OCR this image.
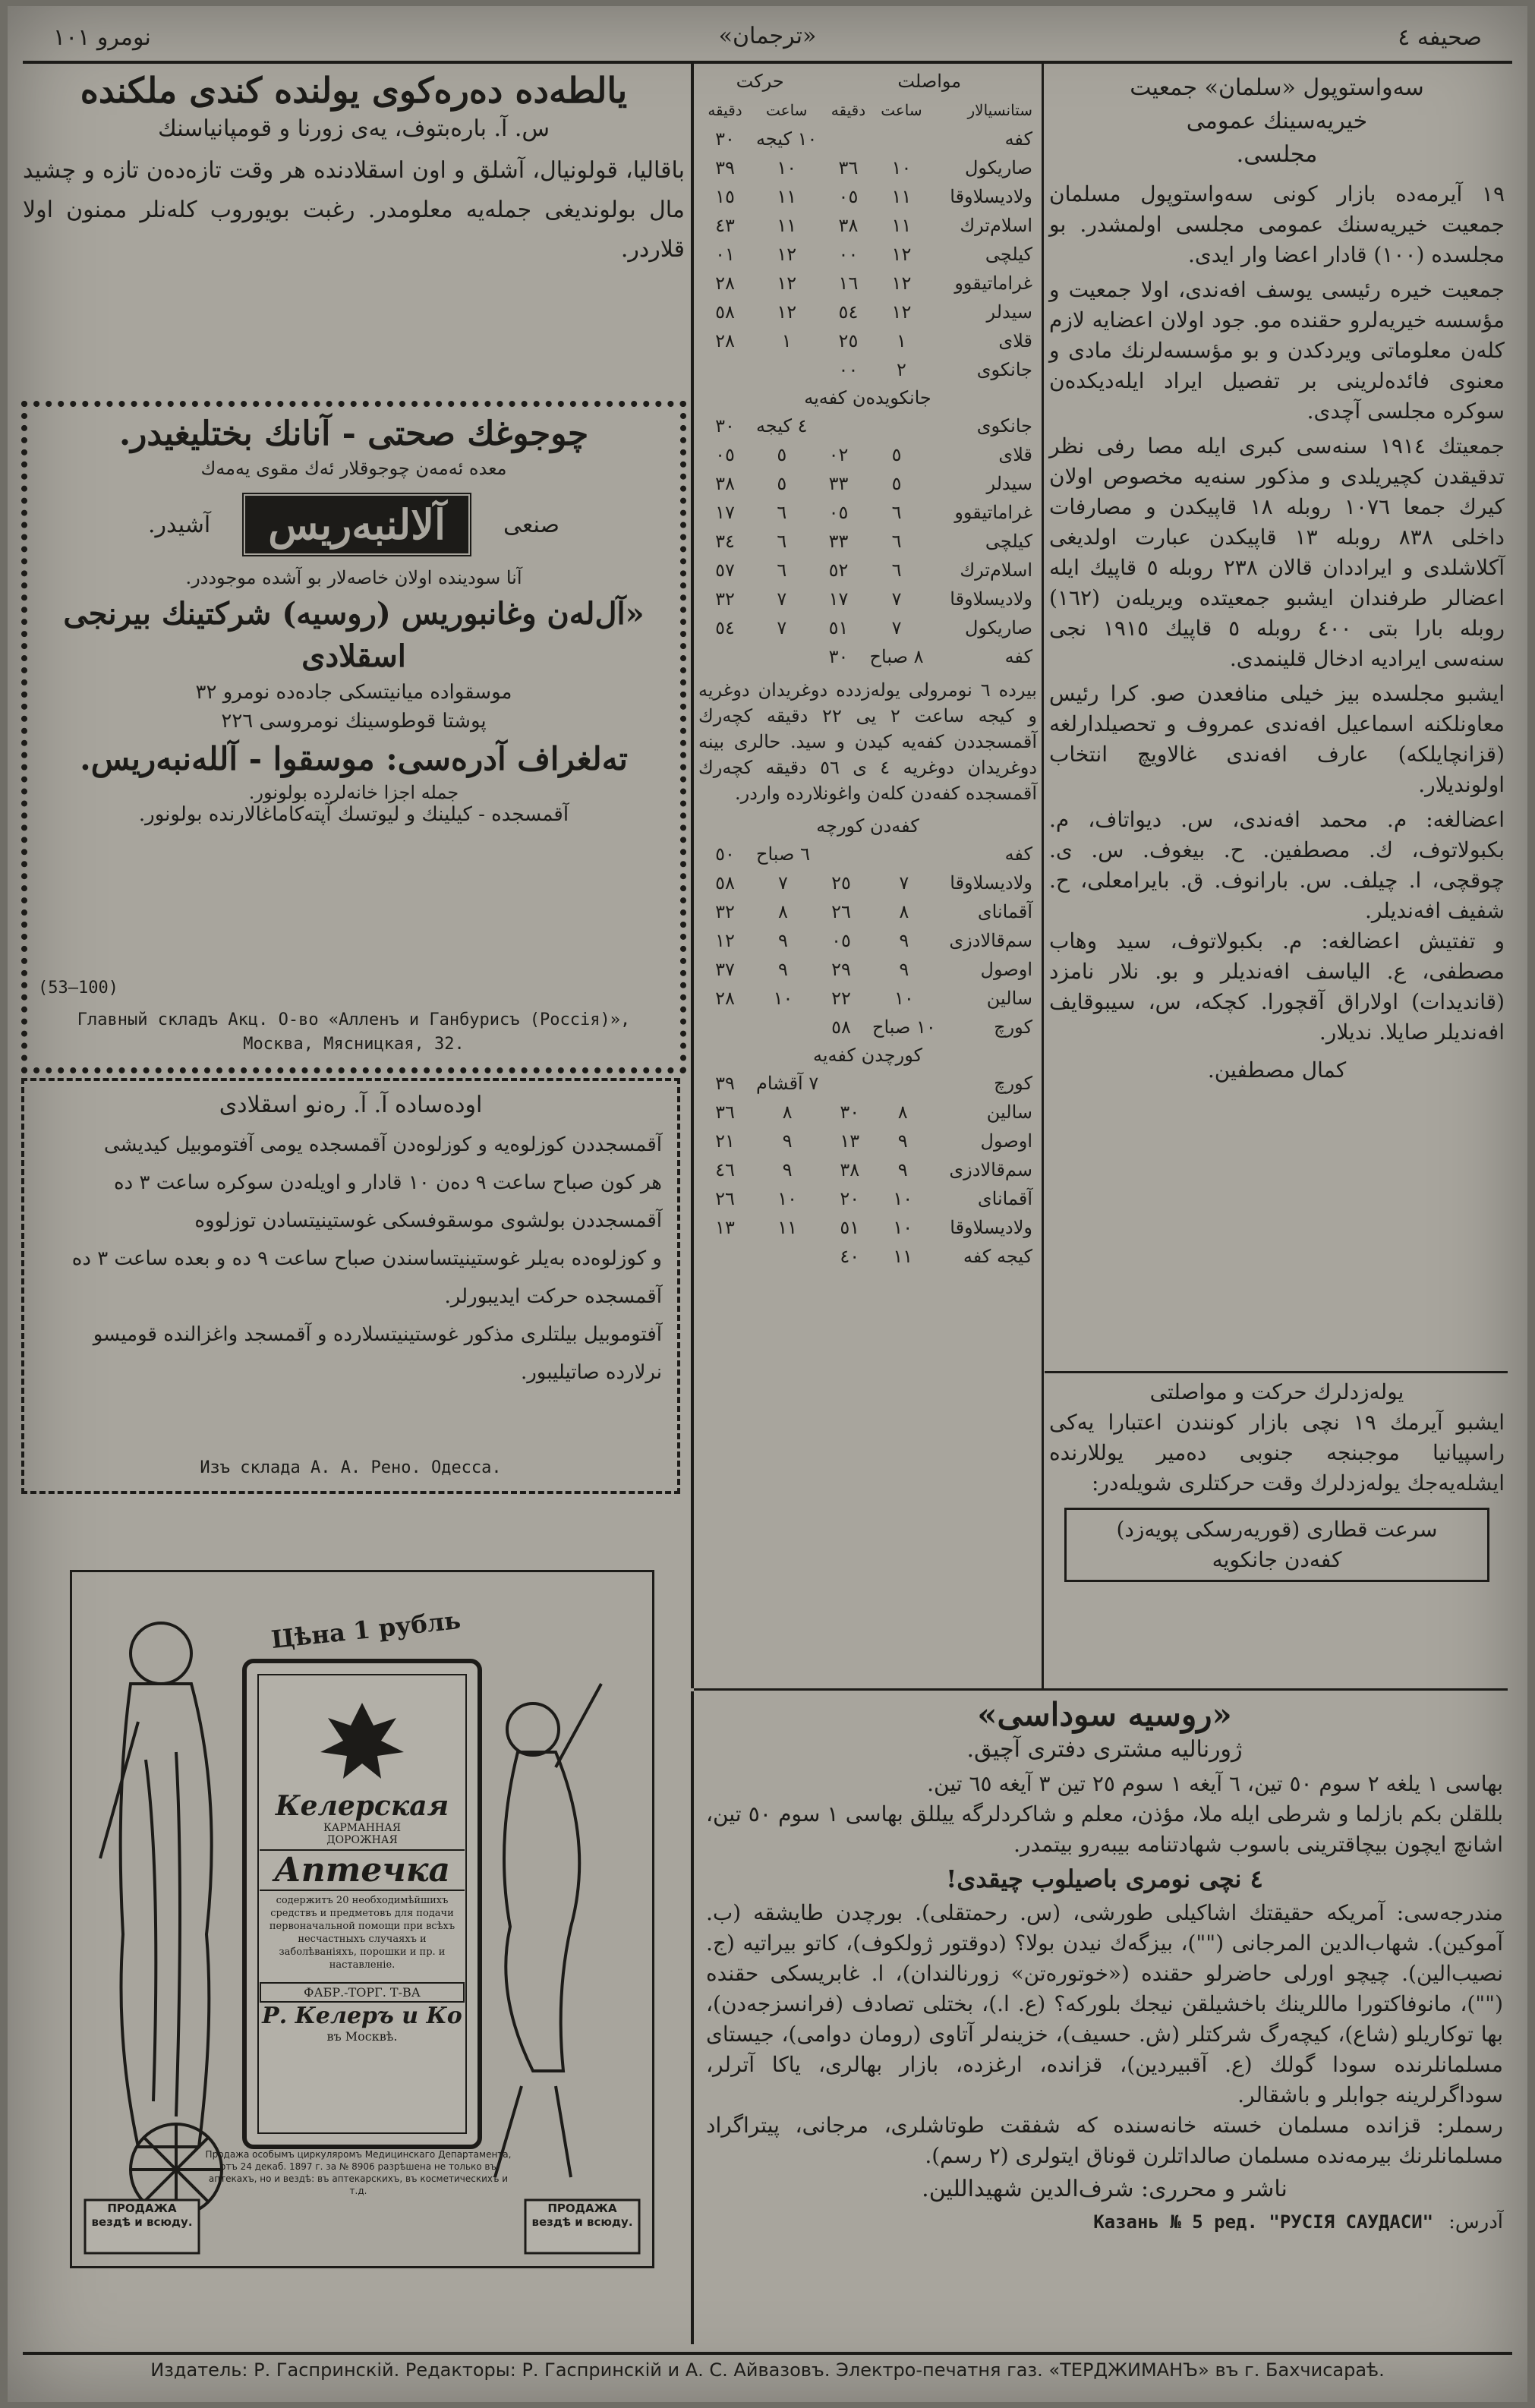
نومرو ١٠١	«ترجمان»	صحيفه ٤
سەواستوپول «سلمان» جمعيت
خيريەسينك عمومی
مجلسی.

١٩ آيرمەده بازار كونی سەواستوپول مسلمان جمعيت خيريەسنك عمومی مجلسی اولمشدر. بو مجلسده (١٠٠) قادار اعضا وار ايدی.

جمعيت خيره رئيسی يوسف افەندی، اولا جمعيت و مؤسسه خيريەلرو حقنده مو. جود اولان اعضايه لازم كلەن معلوماتی ويردكدن و بو مؤسسەلرنك مادی و معنوی فائدەلرينی بر تفصيل ايراد ايلەديكدەن سوكره مجلسی آچدی.

جمعيتك ١٩١٤ سنەسی كبرى ايله مصا رفی نظر تدقيقدن كچيريلدی و مذكور سنەيە مخصوص اولان كيرك جمعا ١٠٧٦ روبله ١٨ قاپيكدن و مصارفات داخلی ٨٣٨ روبله ١٣ قاپيكدن عبارت اولديغی آكلاشلدی و ايراددان قالان ٢٣٨ روبله ٥ قاپيك ايله اعضالر طرفندان ايشبو جمعيتده ويريلەن (١٦٢) روبله بارا بتی ٤٠٠ روبله ٥ قاپيك ١٩١٥ نجی سنەسی ايراديه ادخال قلينمدی.

ايشبو مجلسده بيز خيلی منافعدن صو. كرا رئيس معاونلكنه اسماعيل افەندی عمروف و تحصيلدارلغه (قزانچايلكه) عارف افەندی غالاويچ انتخاب اولونديلار.

اعضالغه: م. محمد افەندی، س. ديواتاف، م. بكبولاتوف، ك. مصطفين. ح. بيغوف. س. ی. چوقچی، ا. چيلف. س. بارانوف. ق. بايرامعلی، ح. شفيف افەندیلر.

و تفتيش اعضالغه: م. بكبولاتوف، سيد وهاب مصطفی، ع. الياسف افەندیلر و بو. نلار نامزد (قانديدات) اولاراق آقچورا. كچكه، س، سيبوقايف افەندیلر صايلا. ندیلار.

كمال مصطفين.

يولەزدلرك حركت و مواصلتی
ايشبو آيرمك ١٩ نچی بازار كونندن اعتبارا يەكی راسپيانيا موجبنجه جنوبی دەمير يوللارنده ايشلەيەجك يولەزدلرك وقت حركتلری شويلەدر:
سرعت قطاری (قوريەرسكی پويەزد)
كفەدن جانكويه
مواصلت			حركت	
ستانسيالار	ساعت	دقيقه	ساعت	دقيقه
كفه			١٠ كيجه	٣٠
صاريكول	١٠	٣٦	١٠	٣٩
ولاديسلاوقا	١١	٠٥	١١	١٥
اسلام‌ترك	١١	٣٨	١١	٤٣
كيلچی	١٢	٠٠	١٢	٠١
غراماتيقوو	١٢	١٦	١٢	٢٨
سيدلر	١٢	٥٤	١٢	٥٨
قلای	١	٢٥	١	٢٨
جانكوی	٢	٠٠		
جانكويدەن كفەيه
جانكوی			٤ كيجه	٣٠
قلای	٥	٠٢	٥	٠٥
سيدلر	٥	٣٣	٥	٣٨
غراماتيقوو	٦	٠٥	٦	١٧
كيلچی	٦	٣٣	٦	٣٤
اسلام‌ترك	٦	٥٢	٦	٥٧
ولاديسلاوقا	٧	١٧	٧	٣٢
صاريكول	٧	٥١	٧	٥٤
كفه	٨ صباح	٣٠		
بيرده ٦ نومرولی يولەزدده دوغريدان دوغريه و كيجه ساعت ٢ يی ٢٢ دقيقه كچەرك آقمسجددن كفەيه كيدن و سيد. حالری بينه دوغريدان دوغريه ٤ ی ٥٦ دقيقه كچەرك آقمسجده كفەدن كلەن واغونلارده واردر.
كفەدن كورچه
كفه			٦ صباح	٥٠
ولاديسلاوقا	٧	٢٥	٧	٥٨
آقمانای	٨	٢٦	٨	٣٢
سم‌قالادزی	٩	٠٥	٩	١٢
اوصول	٩	٢٩	٩	٣٧
سالين	١٠	٢٢	١٠	٢٨
كورچ	١٠ صباح	٥٨		
كورچدن كفەيه
كورچ			٧ آقشام	٣٩
سالين	٨	٣٠	٨	٣٦
اوصول	٩	١٣	٩	٢١
سم‌قالادزی	٩	٣٨	٩	٤٦
آقمانای	١٠	٢٠	١٠	٢٦
ولاديسلاوقا	١٠	٥١	١١	١٣
كيجه كفه	١١	٤٠		
يالطەده دەرەكوی يولنده كندی ملكنده
س. آ. بارەبتوف، يەی زورنا و قومپانياسنك
باقاليا، قولونيال، آشلق و اون اسقلادنده هر وقت تازەدەن تازه و چشيد مال بولونديغی جملەيه معلومدر. رغبت بويوروب كلەنلر ممنون اولا قلاردر.
چوجوغك صحتی - آنانك بختليغيدر.
معده ئەمەن چوجوقلار ئەك مقوی يەمەك
صنعی
آلالنبەريس
آشيدر.
آنا سودينده اولان خاصەلار بو آشده موجوددر.
«آل‌لەن وغانبوريس (روسيه) شركتينك بيرنجی اسقلادی
موسقوا‌ده ميانيتسكی جاده‌ده نومرو ٣٢
پوشتا قوطوسينك نومروسی ٢٢٦
تەلغراف آدرەسی: موسقوا - آللەنبەريس.
جمله اجزا خانەلرده بولونور.
آقمسجده - كيلينك و ليوتسك آپتەكاماغالارنده بولونور.
(53—100)
Главный складъ Акц. О-во «Алленъ и Ганбурисъ (Россія)», Москва, Мясницкая, 32.
اودەساده آ. آ. رەنو اسقلادی
آقمسجددن كوزلوەيە و كوزلوەدن آقمسجده يومی آفتوموبيل كيديشی
هر كون صباح ساعت ٩ دەن ١٠ قادار و اويلەدن سوكره ساعت ٣ ده
آقمسجددن بولشوی موسقوفسكی غوستينيتسادن توزلووه
و كوزلوەدە بەيلر غوستينيتساسندن صباح ساعت ٩ ده و بعده ساعت ٣ ده
آقمسجده حركت ايديبورلر.
آفتوموبيل بيلتلری مذكور غوستينيتسلارده و آقمسجد واغزالنده قوميسو
نرلارده صاتيليبور.
Изъ склада А. А. Рено. Одесса.
Цѣна 1 рубль
Келерская
КАРМАННАЯ
ДОРОЖНАЯ
Аптечка
содержитъ 20 необходимѣйшихъ средствъ и предметовъ для подачи первоначальной помощи при всѣхъ несчастныхъ случаяхъ и заболѣваніяхъ, порошки и пр. и наставленіе.
ФАБР.-ТОРГ. Т-ВА
Р. Келеръ и Ко
въ Москвѣ.
Продажа особымъ циркуляромъ Медицинскаго Департамента, отъ 24 декаб. 1897 г. за № 8906 разрѣшена не только въ аптекахъ, но и вездѣ: въ аптекарскихъ, въ косметическихъ и т.д.
ПРОДАЖА вездѣ и всюду.
ПРОДАЖА вездѣ и всюду.
«روسيه سوداسی»
ژورناليه مشتری دفتری آچيق.
بهاسی ١ يلغه ٢ سوم ٥٠ تين، ٦ آيغه ١ سوم ٢٥ تين ٣ آيغه ٦٥ تين.
بللقلن بكم بازلما و شرطی ايله ملا، مؤذن، معلم و شاكردلرگه ييللق بهاسی ١ سوم ٥٠ تين، اشانچ ايچون بيچاقترينی باسوب شهادتنامه بيبەرو بيتمدر.
٤ نچی نومری باصيلوب چيقدی!
مندرجەسی: آمريكه حقيقتك اشاكيلی طورشی، (س. رحمتقلی). بورچدن طايشقه (ب. آموكين). شهاب‌الدين المرجانی ("")، بيزگەك نيدن بولا؟ (دوقتور ژولكوف)، كاتو بيراتيه (ج. نصيب‌الين). چيچو اورلی حاضرلو حقنده («خوتوره‌تن» زورنالندان)، ا. غابريسكی حقنده ("")، مانوفاكتورا ماللرينك باخشيلقن نيجك بلوركه؟ (ع. ا.)، بختلی تصادف (فرانسزجه‌دن)، بها تو‌كاريلو (شاع)، كيچەرگ شركتلر (ش. حسيف)، خزينه‌لر آتاوی (رومان دوامی)، جيستای مسلمانلرنده سودا گولك (ع. آقبيردين)، قزانده، ارغزده، بازار بهالری، ياكا آترلر، سوداگرلرينه جوابلر و باشقالر.
رسملر: قزانده مسلمان خسته خانەسنده كه شفقت طوتاشلری، مرجانی، پيتراگراد مسلمانلرنك بيرمەنده مسلمان صالداتلرن قوناق ايتولری (٢ رسم).
ناشر و محرری: شرف‌الدين شهيداللين.
آدرس:
Казань № 5 ред. "РУСІЯ САУДАСИ"
Издатель: Р. Гаспринскій. Редакторы: Р. Гаспринскій и А. С. Айвазовъ. Электро-печатня газ. «ТЕРДЖИМАНЪ» въ г. Бахчисараѣ.
